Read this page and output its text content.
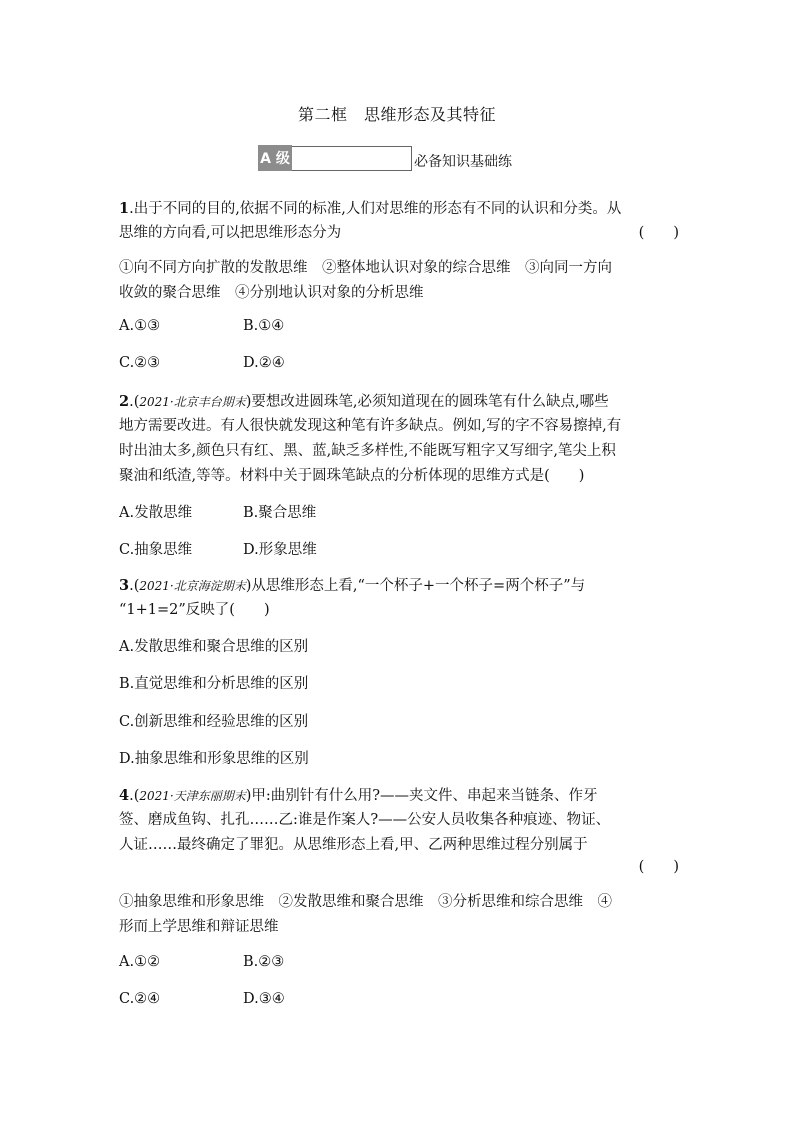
第二框　思维形态及其特征
A 级	必备知识基础练
1.出于不同的目的,依据不同的标准,人们对思维的形态有不同的认识和分类。从
思维的方向看,可以把思维形态分为	(　　)
①向不同方向扩散的发散思维　②整体地认识对象的综合思维　③向同一方向
收敛的聚合思维　④分别地认识对象的分析思维
A.①③	B.①④
C.②③	D.②④
2.(2021·北京丰台期末)要想改进圆珠笔,必须知道现在的圆珠笔有什么缺点,哪些
地方需要改进。有人很快就发现这种笔有许多缺点。例如,写的字不容易擦掉,有
时出油太多,颜色只有红、黑、蓝,缺乏多样性,不能既写粗字又写细字,笔尖上积
聚油和纸渣,等等。材料中关于圆珠笔缺点的分析体现的思维方式是(　　)
A.发散思维	B.聚合思维
C.抽象思维	D.形象思维
3.(2021·北京海淀期末)从思维形态上看,“一个杯子+一个杯子=两个杯子”与
“1+1=2”反映了(　　)
A.发散思维和聚合思维的区别
B.直觉思维和分析思维的区别
C.创新思维和经验思维的区别
D.抽象思维和形象思维的区别
4.(2021·天津东丽期末)甲:曲别针有什么用?——夹文件、串起来当链条、作牙
签、磨成鱼钩、扎孔……乙:谁是作案人?——公安人员收集各种痕迹、物证、
人证……最终确定了罪犯。从思维形态上看,甲、乙两种思维过程分别属于
(　　)
①抽象思维和形象思维　②发散思维和聚合思维　③分析思维和综合思维　④
形而上学思维和辩证思维
A.①②	B.②③
C.②④	D.③④
